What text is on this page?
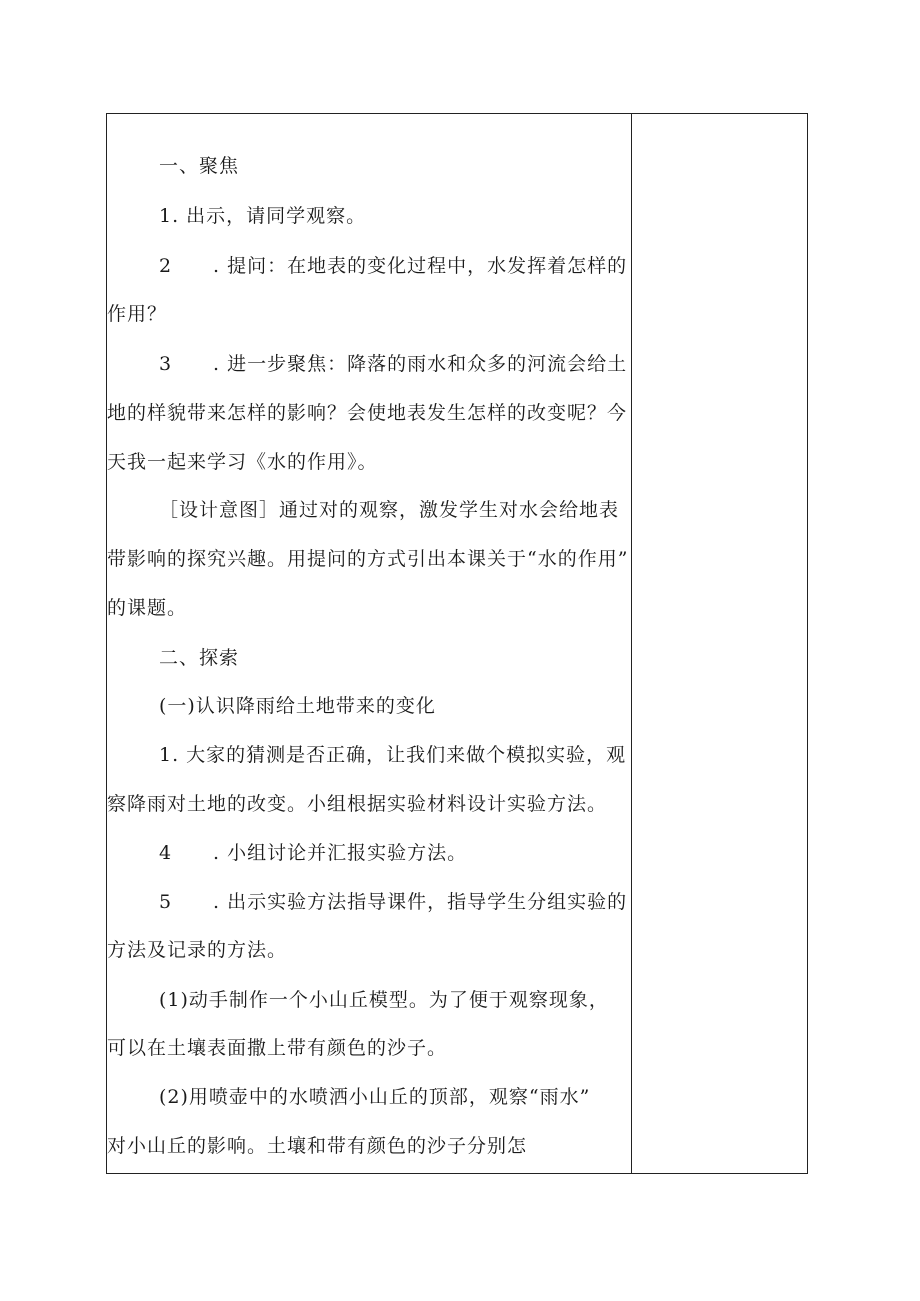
一、聚焦
1. 出示，请同学观察。
2 . 提问：在地表的变化过程中，水发挥着怎样的
作用？
3 . 进一步聚焦：降落的雨水和众多的河流会给土
地的样貌带来怎样的影响？会使地表发生怎样的改变呢？今
天我一起来学习《水的作用》。
［设计意图］通过对的观察，激发学生对水会给地表
带影响的探究兴趣。用提问的方式引出本课关于“水的作用”
的课题。
二、探索
(一)认识降雨给土地带来的变化
1. 大家的猜测是否正确，让我们来做个模拟实验，观
察降雨对土地的改变。小组根据实验材料设计实验方法。
4 . 小组讨论并汇报实验方法。
5 . 出示实验方法指导课件，指导学生分组实验的
方法及记录的方法。
(1)动手制作一个小山丘模型。为了便于观察现象，
可以在土壤表面撒上带有颜色的沙子。
(2)用喷壶中的水喷洒小山丘的顶部，观察“雨水”
对小山丘的影响。土壤和带有颜色的沙子分别怎
